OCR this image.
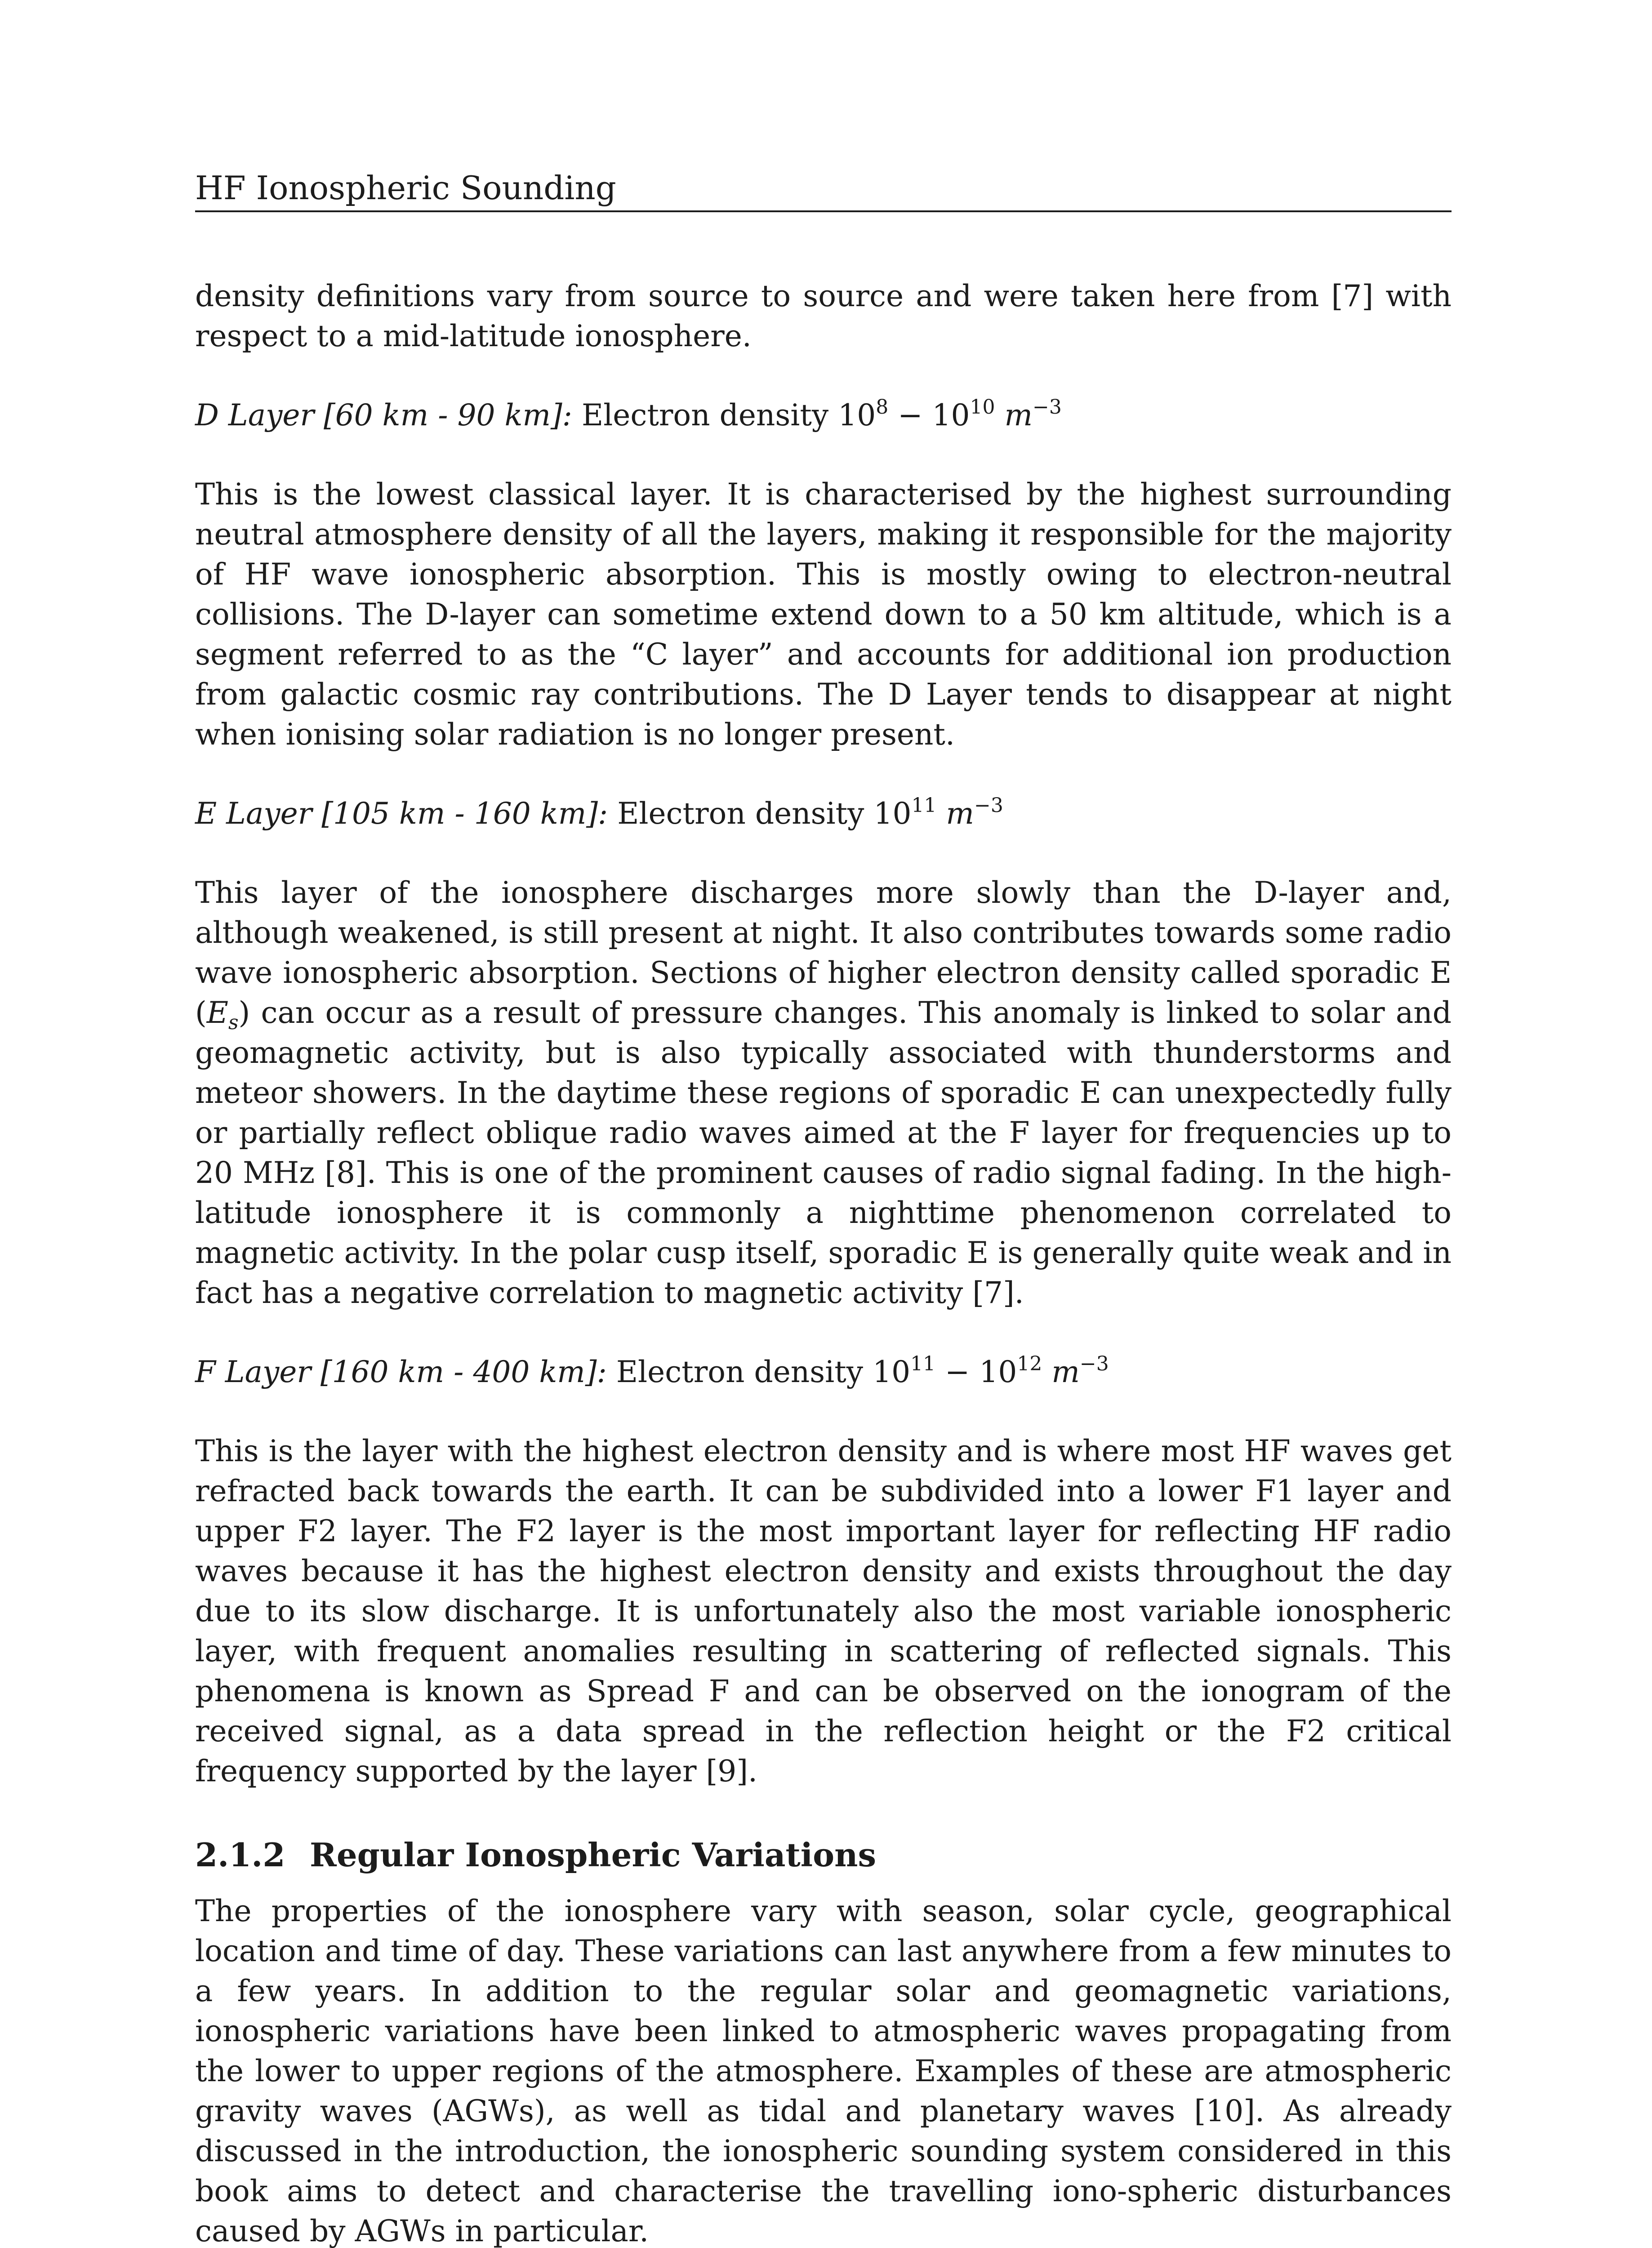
HF Ionospheric Sounding

density definitions vary from source to source and were taken here from [7] with respect to a mid-latitude ionosphere.

D Layer [60 km - 90 km]: Electron density $10^8 - 10^{10}$ $m^{-3}$

This is the lowest classical layer. It is characterised by the highest surrounding neutral atmosphere density of all the layers, making it responsible for the majority of HF wave ionospheric absorption. This is mostly owing to electron-neutral collisions. The D-layer can sometime extend down to a 50 km altitude, which is a segment referred to as the “C layer” and accounts for additional ion production from galactic cosmic ray contributions. The D Layer tends to disappear at night when ionising solar radiation is no longer present.

E Layer [105 km - 160 km]: Electron density $10^{11}$ $m^{-3}$

This layer of the ionosphere discharges more slowly than the D-layer and, although weakened, is still present at night. It also contributes towards some radio wave ionospheric absorption. Sections of higher electron density called sporadic E $(E_s)$ can occur as a result of pressure changes. This anomaly is linked to solar and geomagnetic activity, but is also typically associated with thunderstorms and meteor showers. In the daytime these regions of sporadic E can unexpectedly fully or partially reflect oblique radio waves aimed at the F layer for frequencies up to 20 MHz [8]. This is one of the prominent causes of radio signal fading. In the high-latitude ionosphere it is commonly a nighttime phenomenon correlated to magnetic activity. In the polar cusp itself, sporadic E is generally quite weak and in fact has a negative correlation to magnetic activity [7].

F Layer [160 km - 400 km]: Electron density $10^{11} - 10^{12}$ $m^{-3}$

This is the layer with the highest electron density and is where most HF waves get refracted back towards the earth. It can be subdivided into a lower F1 layer and upper F2 layer. The F2 layer is the most important layer for reflecting HF radio waves because it has the highest electron density and exists throughout the day due to its slow discharge. It is unfortunately also the most variable ionospheric layer, with frequent anomalies resulting in scattering of reflected signals. This phenomena is known as Spread F and can be observed on the ionogram of the received signal, as a data spread in the reflection height or the F2 critical frequency supported by the layer [9].

2.1.2 Regular Ionospheric Variations

The properties of the ionosphere vary with season, solar cycle, geographical location and time of day. These variations can last anywhere from a few minutes to a few years. In addition to the regular solar and geomagnetic variations, ionospheric variations have been linked to atmospheric waves propagating from the lower to upper regions of the atmosphere. Examples of these are atmospheric gravity waves (AGWs), as well as tidal and planetary waves [10]. As already discussed in the introduction, the ionospheric sounding system considered in this book aims to detect and characterise the travelling iono-spheric disturbances caused by AGWs in particular.
